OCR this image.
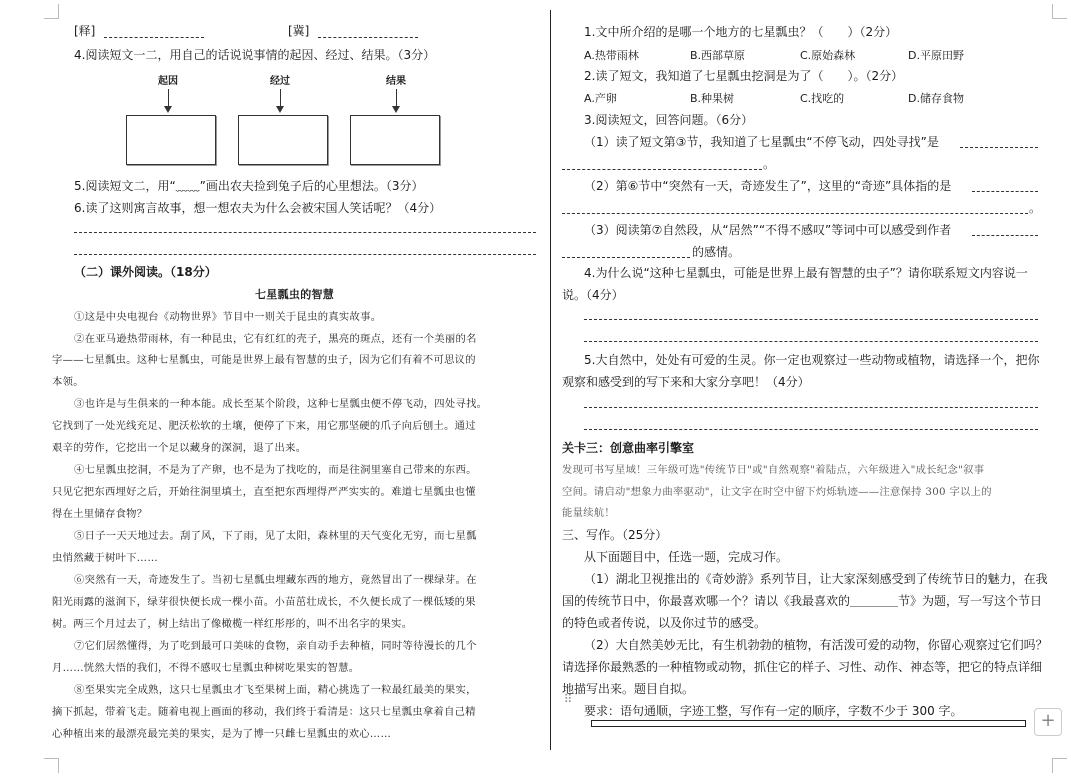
[释]	[冀]
4.阅读短文一二，用自己的话说说事情的起因、经过、结果。（3分）
起因	经过	结果
5.阅读短文二，用“﹏﹏”画出农夫捡到兔子后的心里想法。（3分）
6.读了这则寓言故事，想一想农夫为什么会被宋国人笑话呢？（4分）
（二）课外阅读。（18分）
七星瓢虫的智慧
①这是中央电视台《动物世界》节目中一则关于昆虫的真实故事。
②在亚马逊热带雨林，有一种昆虫，它有红红的壳子，黑亮的斑点，还有一个美丽的名
字——七星瓢虫。这种七星瓢虫，可能是世界上最有智慧的虫子，因为它们有着不可思议的
本领。
③也许是与生俱来的一种本能。成长至某个阶段，这种七星瓢虫便不停飞动，四处寻找。
它找到了一处光线充足、肥沃松软的土壤，便停了下来，用它那坚硬的爪子向后刨土。通过
艰辛的劳作，它挖出一个足以藏身的深洞，退了出来。
④七星瓢虫挖洞，不是为了产卵，也不是为了找吃的，而是往洞里塞自己带来的东西。
只见它把东西埋好之后，开始往洞里填土，直至把东西埋得严严实实的。难道七星瓢虫也懂
得在土里储存食物？
⑤日子一天天地过去。刮了风，下了雨，见了太阳，森林里的天气变化无穷，而七星瓢
虫悄然藏于树叶下……
⑥突然有一天，奇迹发生了。当初七星瓢虫埋藏东西的地方，竟然冒出了一棵绿芽。在
阳光雨露的滋润下，绿芽很快便长成一棵小苗。小苗茁壮成长，不久便长成了一棵低矮的果
树。两三个月过去了，树上结出了像橄榄一样红彤彤的，叫不出名字的果实。
⑦它们居然懂得，为了吃到最可口美味的食物，亲自动手去种植，同时等待漫长的几个
月……恍然大悟的我们，不得不感叹七星瓢虫种树吃果实的智慧。
⑧至果实完全成熟，这只七星瓢虫才飞至果树上面，精心挑选了一粒最红最美的果实，
摘下抓起，带着飞走。随着电视上画面的移动，我们终于看清是：这只七星瓢虫拿着自己精
心种植出来的最漂亮最完美的果实，是为了博一只雌七星瓢虫的欢心……
1.文中所介绍的是哪一个地方的七星瓢虫？（　　）（2分）
A.热带雨林	B.西部草原	C.原始森林	D.平原田野
2.读了短文，我知道了七星瓢虫挖洞是为了（　　）。（2分）
A.产卵	B.种果树	C.找吃的	D.储存食物
3.阅读短文，回答问题。（6分）
（1）读了短文第③节，我知道了七星瓢虫“不停飞动，四处寻找”是
。
（2）第⑥节中“突然有一天，奇迹发生了”，这里的“奇迹”具体指的是
。
（3）阅读第⑦自然段，从“居然”“不得不感叹”等词中可以感受到作者
的感情。
4.为什么说“这种七星瓢虫，可能是世界上最有智慧的虫子”？请你联系短文内容说一
说。（4分）
5.大自然中，处处有可爱的生灵。你一定也观察过一些动物或植物，请选择一个，把你
观察和感受到的写下来和大家分享吧！（4分）
关卡三：创意曲率引擎室
发现可书写星域！三年级可选"传统节日"或"自然观察"着陆点，六年级进入"成长纪念"叙事
空间。请启动"想象力曲率驱动"，让文字在时空中留下灼烁轨迹——注意保持 300 字以上的
能量续航！
三、写作。（25分）
从下面题目中，任选一题，完成习作。
（1）湖北卫视推出的《奇妙游》系列节目，让大家深刻感受到了传统节日的魅力，在我
国的传统节日中，你最喜欢哪一个？请以《我最喜欢的＿＿＿＿节》为题，写一写这个节日
的特色或者传说，以及你过节的感受。
（2）大自然美妙无比，有生机勃勃的植物，有活泼可爱的动物，你留心观察过它们吗？
请选择你最熟悉的一种植物或动物，抓住它的样子、习性、动作、神态等，把它的特点详细
地描写出来。题目自拟。
要求：语句通顺，字迹工整，写作有一定的顺序，字数不少于 300 字。
⠿
+
